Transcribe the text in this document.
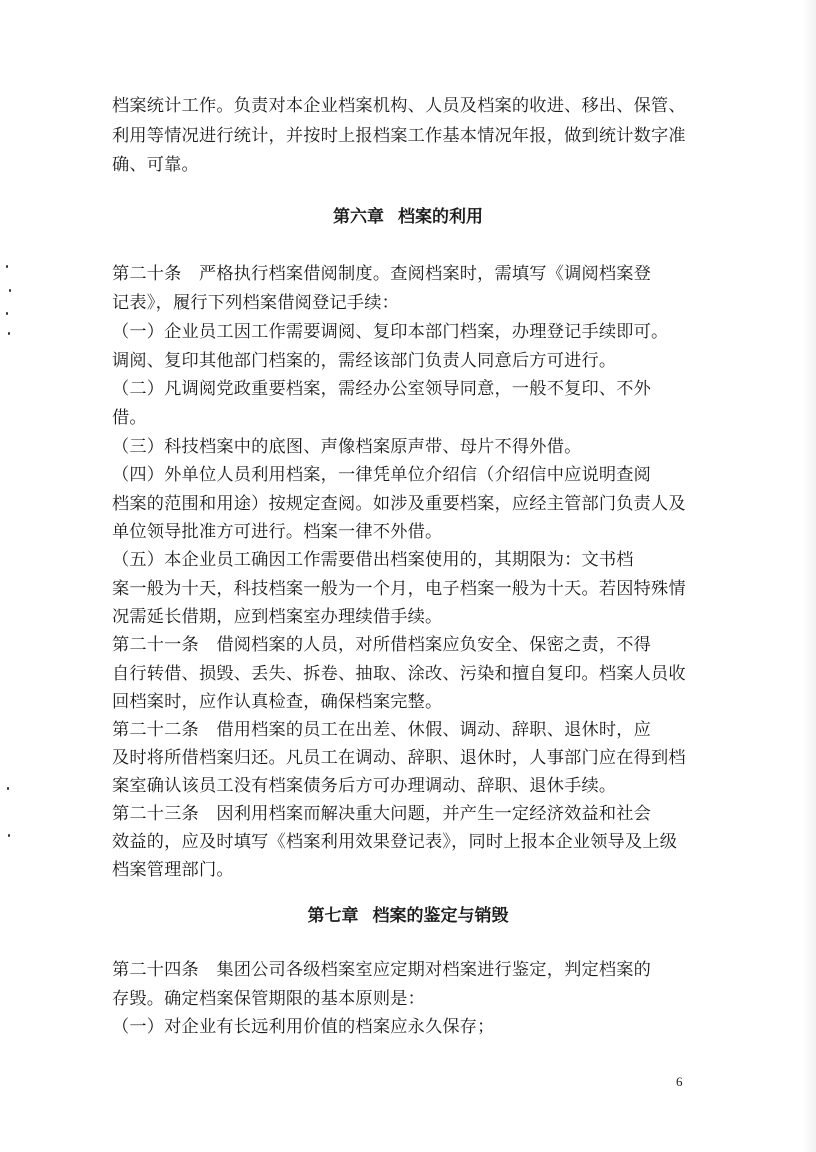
档案统计工作。负责对本企业档案机构、人员及档案的收进、移出、保管、
利用等情况进行统计，并按时上报档案工作基本情况年报，做到统计数字准
确、可靠。
第六章 档案的利用
第二十条　严格执行档案借阅制度。查阅档案时，需填写《调阅档案登
记表》，履行下列档案借阅登记手续：
（一）企业员工因工作需要调阅、复印本部门档案，办理登记手续即可。
调阅、复印其他部门档案的，需经该部门负责人同意后方可进行。
（二）凡调阅党政重要档案，需经办公室领导同意，一般不复印、不外
借。
（三）科技档案中的底图、声像档案原声带、母片不得外借。
（四）外单位人员利用档案，一律凭单位介绍信（介绍信中应说明查阅
档案的范围和用途）按规定查阅。如涉及重要档案，应经主管部门负责人及
单位领导批准方可进行。档案一律不外借。
（五）本企业员工确因工作需要借出档案使用的，其期限为：文书档
案一般为十天，科技档案一般为一个月，电子档案一般为十天。若因特殊情
况需延长借期，应到档案室办理续借手续。
第二十一条　借阅档案的人员，对所借档案应负安全、保密之责，不得
自行转借、损毁、丢失、拆卷、抽取、涂改、污染和擅自复印。档案人员收
回档案时，应作认真检查，确保档案完整。
第二十二条　借用档案的员工在出差、休假、调动、辞职、退休时，应
及时将所借档案归还。凡员工在调动、辞职、退休时，人事部门应在得到档
案室确认该员工没有档案债务后方可办理调动、辞职、退休手续。
第二十三条　因利用档案而解决重大问题，并产生一定经济效益和社会
效益的，应及时填写《档案利用效果登记表》，同时上报本企业领导及上级
档案管理部门。
第七章 档案的鉴定与销毁
第二十四条　集团公司各级档案室应定期对档案进行鉴定，判定档案的
存毁。确定档案保管期限的基本原则是：
（一）对企业有长远利用价值的档案应永久保存；
6
